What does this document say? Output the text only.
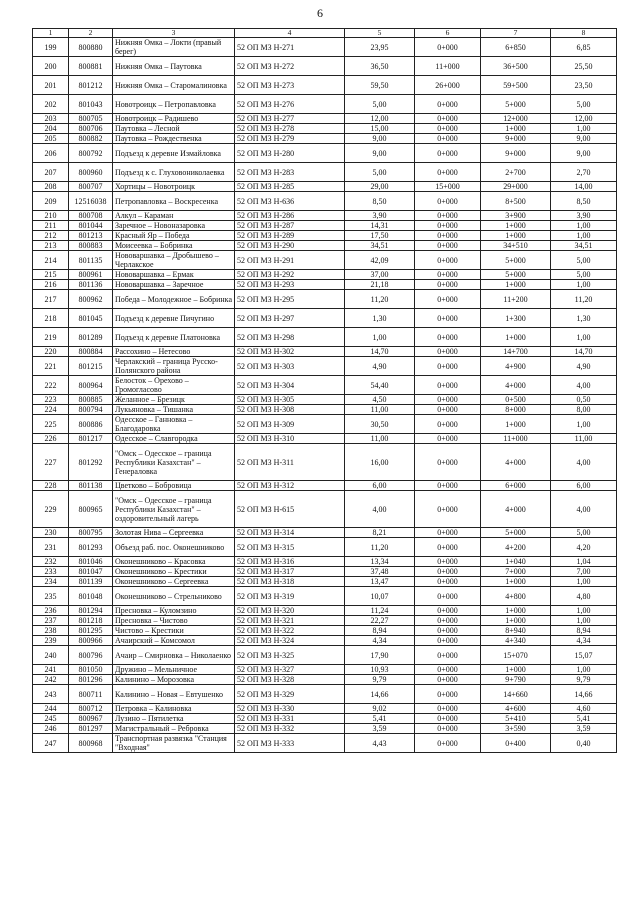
6
1	2	3	4	5	6	7	8
199	800880	Нижняя Омка – Локти (правый берег)	52 ОП МЗ Н-271	23,95	0+000	6+850	6,85
200	800881	Нижняя Омка – Паутовка	52 ОП МЗ Н-272	36,50	11+000	36+500	25,50
201	801212	Нижняя Омка – Старомалиновка	52 ОП МЗ Н-273	59,50	26+000	59+500	23,50
202	801043	Новотроицк – Петропавловка	52 ОП МЗ Н-276	5,00	0+000	5+000	5,00
203	800705	Новотроицк – Радишево	52 ОП МЗ Н-277	12,00	0+000	12+000	12,00
204	800706	Паутовка – Лесной	52 ОП МЗ Н-278	15,00	0+000	1+000	1,00
205	800882	Паутовка – Рождественка	52 ОП МЗ Н-279	9,00	0+000	9+000	9,00
206	800792	Подъезд к деревне Измайловка	52 ОП МЗ Н-280	9,00	0+000	9+000	9,00
207	800960	Подъезд к с. Глуховониколаевка	52 ОП МЗ Н-283	5,00	0+000	2+700	2,70
208	800707	Хортицы – Новотроицк	52 ОП МЗ Н-285	29,00	15+000	29+000	14,00
209	12516038	Петропавловка – Воскресенка	52 ОП МЗ Н-636	8,50	0+000	8+500	8,50
210	800708	Алкул – Караман	52 ОП МЗ Н-286	3,90	0+000	3+900	3,90
211	801044	Заречное – Новоназаровка	52 ОП МЗ Н-287	14,31	0+000	1+000	1,00
212	801213	Красный Яр – Победа	52 ОП МЗ Н-289	17,50	0+000	1+000	1,00
213	800883	Моисеевка – Бобринка	52 ОП МЗ Н-290	34,51	0+000	34+510	34,51
214	801135	Нововаршавка – Дробышево – Черлакское	52 ОП МЗ Н-291	42,09	0+000	5+000	5,00
215	800961	Нововаршавка – Ермак	52 ОП МЗ Н-292	37,00	0+000	5+000	5,00
216	801136	Нововаршавка – Заречное	52 ОП МЗ Н-293	21,18	0+000	1+000	1,00
217	800962	Победа – Молодежное – Бобринка	52 ОП МЗ Н-295	11,20	0+000	11+200	11,20
218	801045	Подъезд к деревне Пичугино	52 ОП МЗ Н-297	1,30	0+000	1+300	1,30
219	801289	Подъезд к деревне Платоновка	52 ОП МЗ Н-298	1,00	0+000	1+000	1,00
220	800884	Рассохино – Нетесово	52 ОП МЗ Н-302	14,70	0+000	14+700	14,70
221	801215	Черлакский – граница Русско-Полянского района	52 ОП МЗ Н-303	4,90	0+000	4+900	4,90
222	800964	Белосток – Орехово – Громогласово	52 ОП МЗ Н-304	54,40	0+000	4+000	4,00
223	800885	Желанное – Брезицк	52 ОП МЗ Н-305	4,50	0+000	0+500	0,50
224	800794	Лукьяновка – Тишанка	52 ОП МЗ Н-308	11,00	0+000	8+000	8,00
225	800886	Одесское – Ганновка – Благодаровка	52 ОП МЗ Н-309	30,50	0+000	1+000	1,00
226	801217	Одесское – Славгородка	52 ОП МЗ Н-310	11,00	0+000	11+000	11,00
227	801292	"Омск – Одесское – граница Республики Казахстан" – Генераловка	52 ОП МЗ Н-311	16,00	0+000	4+000	4,00
228	801138	Цветково – Бобровица	52 ОП МЗ Н-312	6,00	0+000	6+000	6,00
229	800965	"Омск – Одесское – граница Республики Казахстан" – оздоровительный лагерь	52 ОП МЗ Н-615	4,00	0+000	4+000	4,00
230	800795	Золотая Нива – Сергеевка	52 ОП МЗ Н-314	8,21	0+000	5+000	5,00
231	801293	Объезд раб. пос. Оконешниково	52 ОП МЗ Н-315	11,20	0+000	4+200	4,20
232	801046	Оконешниково – Красовка	52 ОП МЗ Н-316	13,34	0+000	1+040	1,04
233	801047	Оконешниково – Крестики	52 ОП МЗ Н-317	37,48	0+000	7+000	7,00
234	801139	Оконешниково – Сергеевка	52 ОП МЗ Н-318	13,47	0+000	1+000	1,00
235	801048	Оконешниково – Стрельниково	52 ОП МЗ Н-319	10,07	0+000	4+800	4,80
236	801294	Пресновка – Куломзино	52 ОП МЗ Н-320	11,24	0+000	1+000	1,00
237	801218	Пресновка – Чистово	52 ОП МЗ Н-321	22,27	0+000	1+000	1,00
238	801295	Чистово – Крестики	52 ОП МЗ Н-322	8,94	0+000	8+940	8,94
239	800966	Ачаирский – Комсомол	52 ОП МЗ Н-324	4,34	0+000	4+340	4,34
240	800796	Ачаир – Смирновка – Николаенко	52 ОП МЗ Н-325	17,90	0+000	15+070	15,07
241	801050	Дружино – Мельничное	52 ОП МЗ Н-327	10,93	0+000	1+000	1,00
242	801296	Калинино – Морозовка	52 ОП МЗ Н-328	9,79	0+000	9+790	9,79
243	800711	Калинино – Новая – Евтушенко	52 ОП МЗ Н-329	14,66	0+000	14+660	14,66
244	800712	Петровка – Калиновка	52 ОП МЗ Н-330	9,02	0+000	4+600	4,60
245	800967	Лузино – Пятилетка	52 ОП МЗ Н-331	5,41	0+000	5+410	5,41
246	801297	Магистральный – Ребровка	52 ОП МЗ Н-332	3,59	0+000	3+590	3,59
247	800968	Транспортная развязка "Станция "Входная"	52 ОП МЗ Н-333	4,43	0+000	0+400	0,40
